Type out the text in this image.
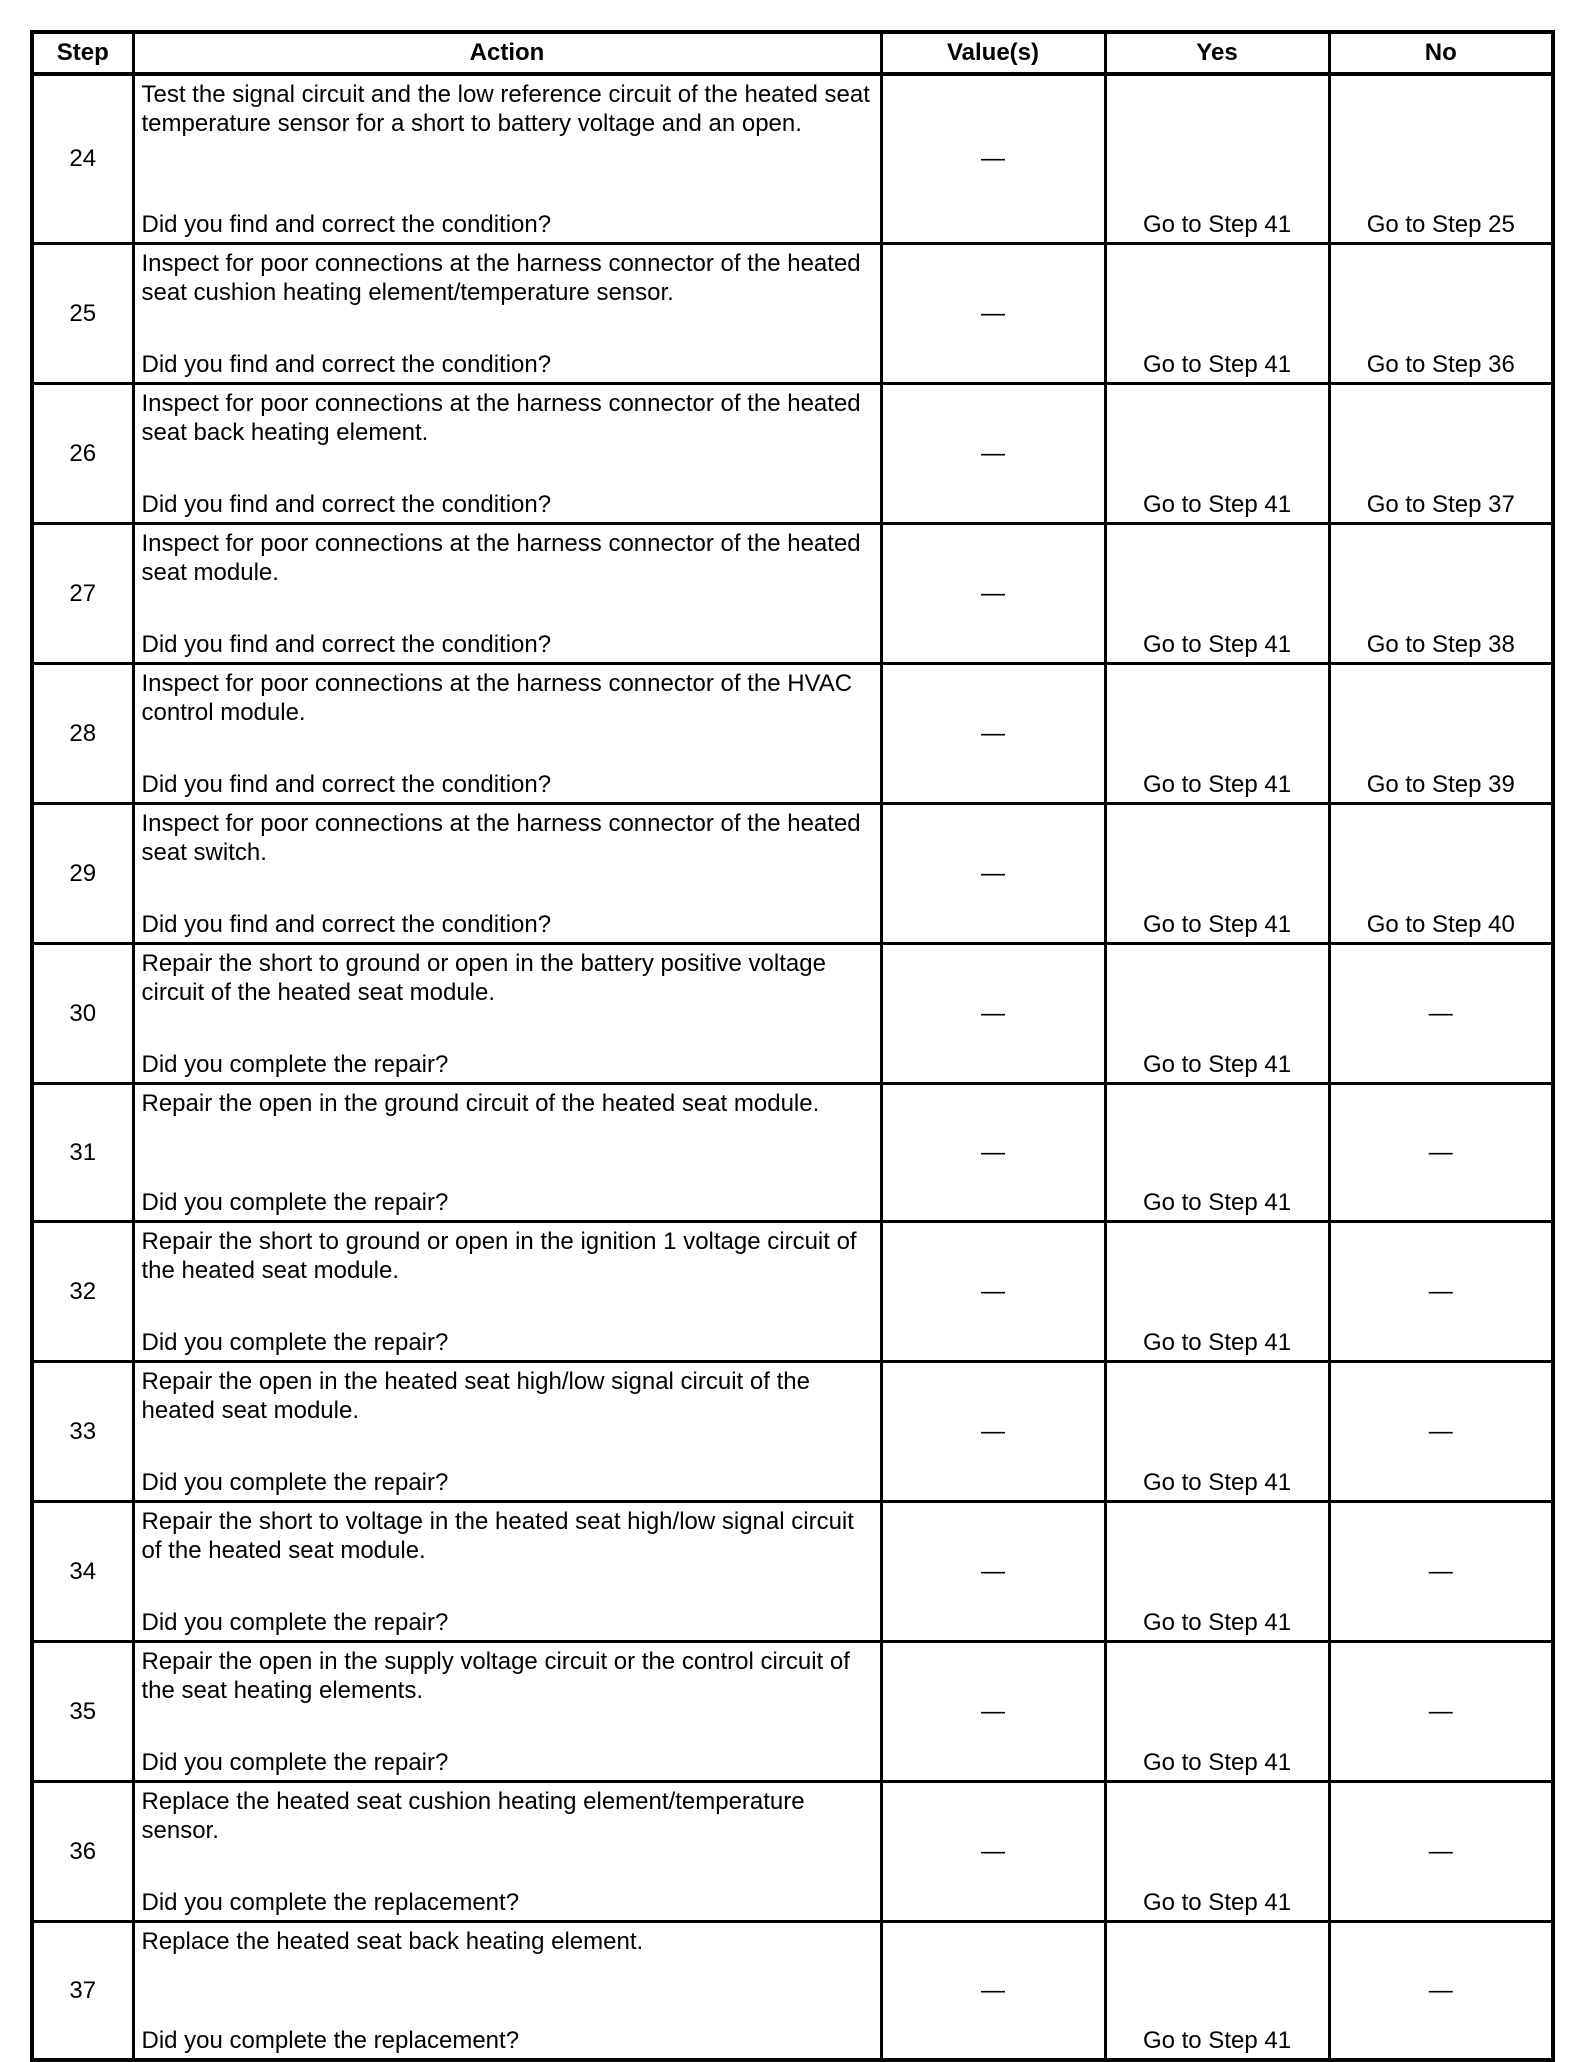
Step	Action	Value(s)	Yes	No
24	Test the signal circuit and the low reference circuit of the heated seat temperature sensor for a short to battery voltage and an open.
Did you find and correct the condition?	—	Go to Step 41	Go to Step 25

25	Inspect for poor connections at the harness connector of the heated seat cushion heating element/temperature sensor.
Did you find and correct the condition?	—	Go to Step 41	Go to Step 36

26	Inspect for poor connections at the harness connector of the heated seat back heating element.
Did you find and correct the condition?	—	Go to Step 41	Go to Step 37

27	Inspect for poor connections at the harness connector of the heated seat module.
Did you find and correct the condition?	—	Go to Step 41	Go to Step 38

28	Inspect for poor connections at the harness connector of the HVAC control module.
Did you find and correct the condition?	—	Go to Step 41	Go to Step 39

29	Inspect for poor connections at the harness connector of the heated seat switch.
Did you find and correct the condition?	—	Go to Step 41	Go to Step 40

30	Repair the short to ground or open in the battery positive voltage circuit of the heated seat module.
Did you complete the repair?	—	Go to Step 41	—
31	Repair the open in the ground circuit of the heated seat module.
Did you complete the repair?	—	Go to Step 41	—
32	Repair the short to ground or open in the ignition 1 voltage circuit of the heated seat module.
Did you complete the repair?	—	Go to Step 41	—
33	Repair the open in the heated seat high/low signal circuit of the heated seat module.
Did you complete the repair?	—	Go to Step 41	—
34	Repair the short to voltage in the heated seat high/low signal circuit of the heated seat module.
Did you complete the repair?	—	Go to Step 41	—
35	Repair the open in the supply voltage circuit or the control circuit of the seat heating elements.
Did you complete the repair?	—	Go to Step 41	—
36	Replace the heated seat cushion heating element/temperature sensor.
Did you complete the replacement?	—	Go to Step 41	—
37	Replace the heated seat back heating element.
Did you complete the replacement?	—	Go to Step 41	—
